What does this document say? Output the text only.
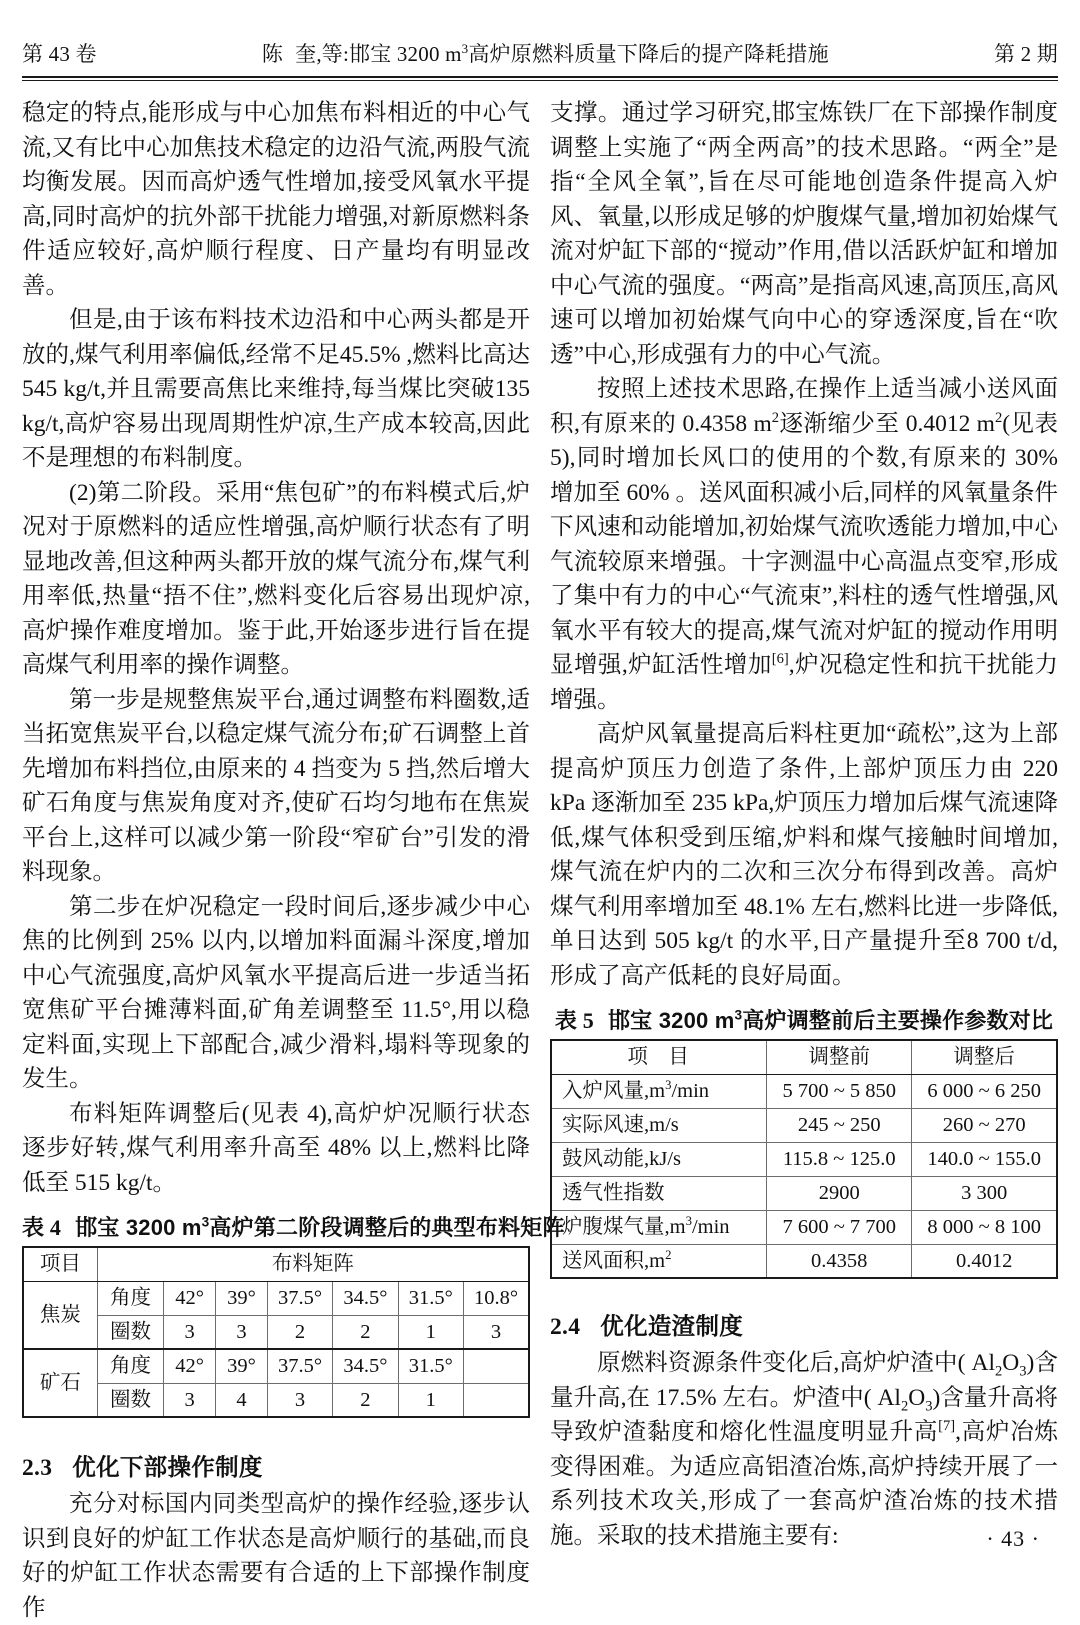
第 43 卷	陈 奎,等:邯宝 3200 $m^3$高炉原燃料质量下降后的提产降耗措施	第 2 期

稳定的特点,能形成与中心加焦布料相近的中心气流,又有比中心加焦技术稳定的边沿气流,两股气流均衡发展。因而高炉透气性增加,接受风氧水平提高,同时高炉的抗外部干扰能力增强,对新原燃料条件适应较好,高炉顺行程度、日产量均有明显改善。

但是,由于该布料技术边沿和中心两头都是开放的,煤气利用率偏低,经常不足45.5% ,燃料比高达545 kg/t,并且需要高焦比来维持,每当煤比突破135 kg/t,高炉容易出现周期性炉凉,生产成本较高,因此不是理想的布料制度。

(2)第二阶段。采用“焦包矿”的布料模式后,炉况对于原燃料的适应性增强,高炉顺行状态有了明显地改善,但这种两头都开放的煤气流分布,煤气利用率低,热量“捂不住”,燃料变化后容易出现炉凉,高炉操作难度增加。鉴于此,开始逐步进行旨在提高煤气利用率的操作调整。

第一步是规整焦炭平台,通过调整布料圈数,适当拓宽焦炭平台,以稳定煤气流分布;矿石调整上首先增加布料挡位,由原来的 4 挡变为 5 挡,然后增大矿石角度与焦炭角度对齐,使矿石均匀地布在焦炭平台上,这样可以减少第一阶段“窄矿台”引发的滑料现象。

第二步在炉况稳定一段时间后,逐步减少中心焦的比例到 25% 以内,以增加料面漏斗深度,增加中心气流强度,高炉风氧水平提高后进一步适当拓宽焦矿平台摊薄料面,矿角差调整至 11.5°,用以稳定料面,实现上下部配合,减少滑料,塌料等现象的发生。

布料矩阵调整后(见表 4),高炉炉况顺行状态逐步好转,煤气利用率升高至 48% 以上,燃料比降低至 515 kg/t。

表 4 邯宝 3200 $m^3$高炉第二阶段调整后的典型布料矩阵
项目	布料矩阵						
焦炭	角度	42°	39°	37.5°	34.5°	31.5°	10.8°
	圈数	3	3	2	2	1	3
矿石	角度	42°	39°	37.5°	34.5°	31.5°	
	圈数	3	4	3	2	1	
2.3 优化下部操作制度

充分对标国内同类型高炉的操作经验,逐步认识到良好的炉缸工作状态是高炉顺行的基础,而良好的炉缸工作状态需要有合适的上下部操作制度作

支撑。通过学习研究,邯宝炼铁厂在下部操作制度调整上实施了“两全两高”的技术思路。“两全”是指“全风全氧”,旨在尽可能地创造条件提高入炉风、氧量,以形成足够的炉腹煤气量,增加初始煤气流对炉缸下部的“搅动”作用,借以活跃炉缸和增加中心气流的强度。“两高”是指高风速,高顶压,高风速可以增加初始煤气向中心的穿透深度,旨在“吹透”中心,形成强有力的中心气流。

按照上述技术思路,在操作上适当减小送风面积,有原来的 0.4358 $m^2$逐渐缩少至 0.4012 $m^2$(见表 5),同时增加长风口的使用的个数,有原来的 30% 增加至 60% 。送风面积减小后,同样的风氧量条件下风速和动能增加,初始煤气流吹透能力增加,中心气流较原来增强。十字测温中心高温点变窄,形成了集中有力的中心“气流束”,料柱的透气性增强,风氧水平有较大的提高,煤气流对炉缸的搅动作用明显增强,炉缸活性增加[6],炉况稳定性和抗干扰能力增强。

高炉风氧量提高后料柱更加“疏松”,这为上部提高炉顶压力创造了条件,上部炉顶压力由 220 kPa 逐渐加至 235 kPa,炉顶压力增加后煤气流速降低,煤气体积受到压缩,炉料和煤气接触时间增加,煤气流在炉内的二次和三次分布得到改善。高炉煤气利用率增加至 48.1% 左右,燃料比进一步降低,单日达到 505 kg/t 的水平,日产量提升至8 700 t/d,形成了高产低耗的良好局面。

表 5 邯宝 3200 $m^3$高炉调整前后主要操作参数对比
项　目	调整前	调整后
入炉风量$,m^3/\min$	5 700 ~ 5 850	6 000 ~ 6 250
实际风速,m/s	245 ~ 250	260 ~ 270
鼓风动能,kJ/s	115.8 ~ 125.0	140.0 ~ 155.0
透气性指数	2900	3 300
炉腹煤气量$,m^3/\min$	7 600 ~ 7 700	8 000 ~ 8 100
送风面积$,m^2$	0.4358	0.4012
2.4 优化造渣制度

原燃料资源条件变化后,高炉炉渣中( $Al_2O_3$)含量升高,在 17.5% 左右。炉渣中( $Al_2O_3$)含量升高将导致炉渣黏度和熔化性温度明显升高[7],高炉冶炼变得困难。为适应高铝渣冶炼,高炉持续开展了一系列技术攻关,形成了一套高炉渣冶炼的技术措施。采取的技术措施主要有:	· 43 ·
